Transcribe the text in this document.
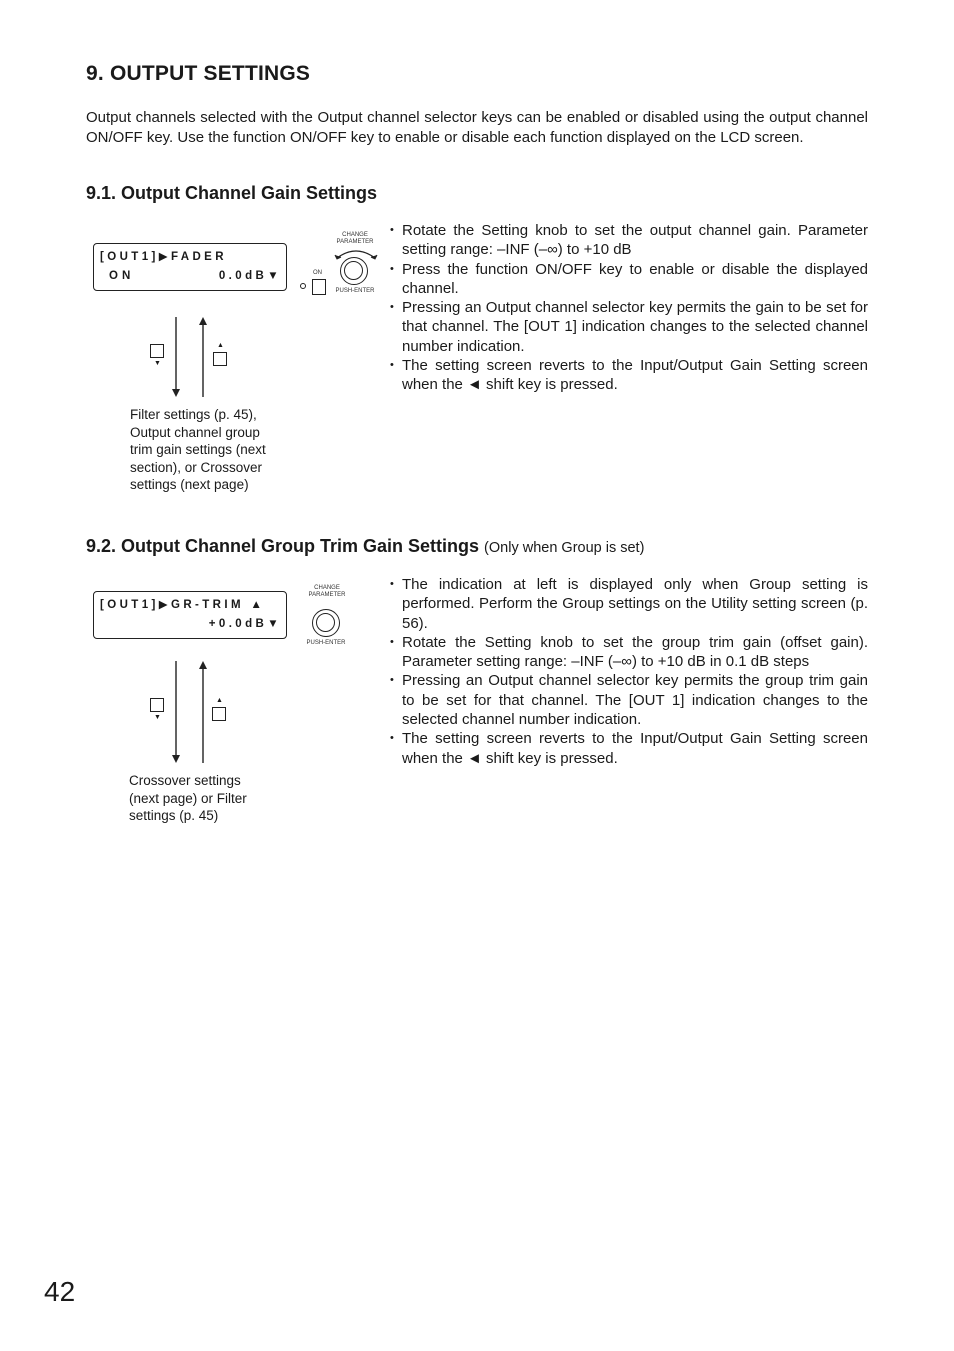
9. OUTPUT SETTINGS

Output channels selected with the Output channel selector keys can be enabled or disabled using the output channel ON/OFF key. Use the function ON/OFF key to enable or disable each function displayed on the LCD screen.

9.1. Output Channel Gain Settings
[OUT1]▶FADER
ON	0.0dB▼	ON
CHANGE
PARAMETER
PUSH-ENTER
▼
▲
Filter settings (p. 45), Output channel group trim gain settings (next section), or Crossover settings (next page)
• Rotate the Setting knob to set the output channel gain. Parameter setting range: –INF (–∞) to +10 dB
• Press the function ON/OFF key to enable or disable the displayed channel.
• Pressing an Output channel selector key permits the gain to be set for that channel. The [OUT 1] indication changes to the selected channel number indication.
• The setting screen reverts to the Input/Output Gain Setting screen when the ◄ shift key is pressed.
9.2. Output Channel Group Trim Gain Settings (Only when Group is set)
[OUT1]▶GR-TRIM ▲
+0.0dB▼
CHANGE
PARAMETER
PUSH-ENTER
▼
▲
Crossover settings (next page) or Filter settings (p. 45)
• The indication at left is displayed only when Group setting is performed. Perform the Group settings on the Utility setting screen (p. 56).
• Rotate the Setting knob to set the group trim gain (offset gain). Parameter setting range: –INF (–∞) to +10 dB in 0.1 dB steps
• Pressing an Output channel selector key permits the group trim gain to be set for that channel. The [OUT 1] indication changes to the selected channel number indication.
• The setting screen reverts to the Input/Output Gain Setting screen when the ◄ shift key is pressed.
42
